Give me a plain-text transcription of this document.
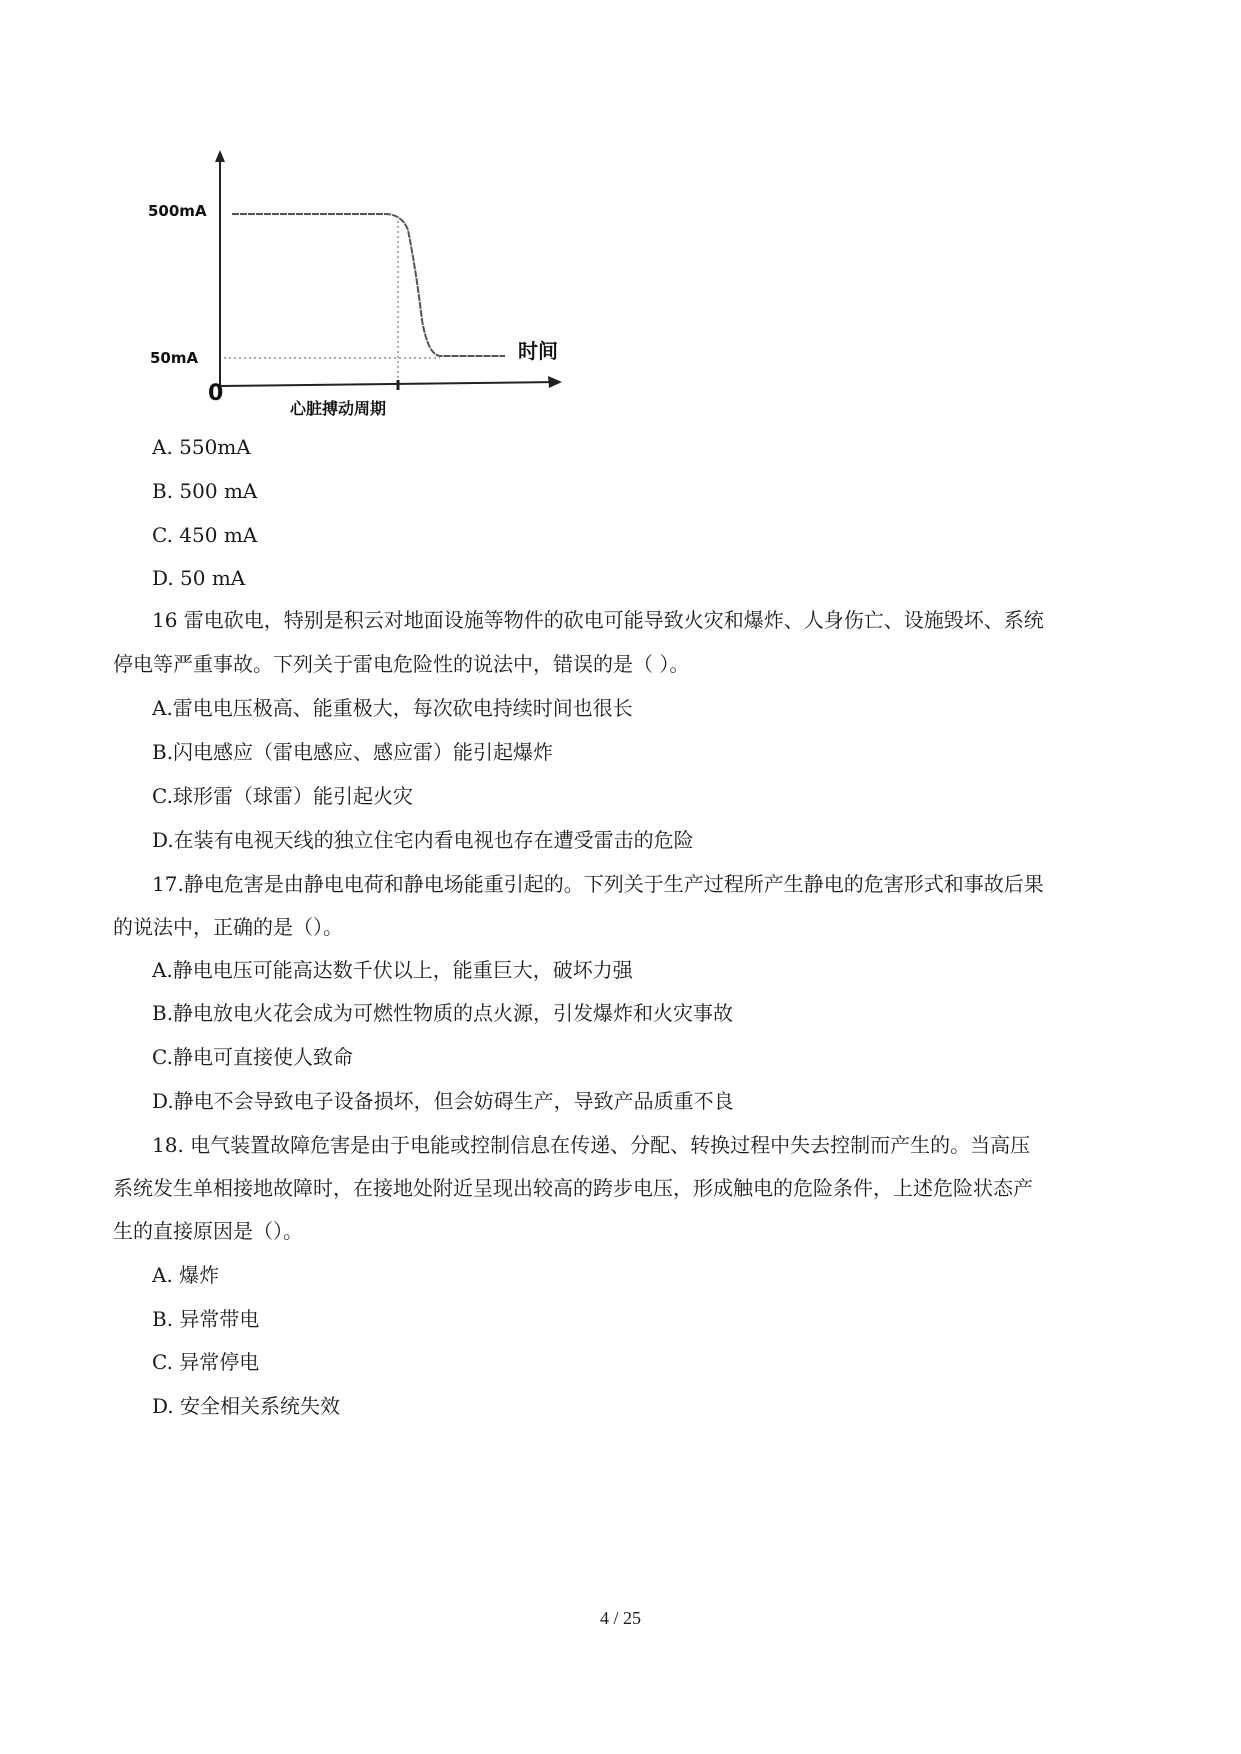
500mA
50mA
0
心脏搏动周期
时间
A. 550mA
B. 500 mA
C. 450 mA
D. 50 mA
16 雷电砍电，特别是积云对地面设施等物件的砍电可能导致火灾和爆炸、人身伤亡、设施毁坏、系统
停电等严重事故。下列关于雷电危险性的说法中，错误的是（ ）。
A.雷电电压极高、能重极大，每次砍电持续时间也很长
B.闪电感应（雷电感应、感应雷）能引起爆炸
C.球形雷（球雷）能引起火灾
D.在装有电视天线的独立住宅内看电视也存在遭受雷击的危险
17.静电危害是由静电电荷和静电场能重引起的。下列关于生产过程所产生静电的危害形式和事故后果
的说法中，正确的是（）。
A.静电电压可能高达数千伏以上，能重巨大，破坏力强
B.静电放电火花会成为可燃性物质的点火源，引发爆炸和火灾事故
C.静电可直接使人致命
D.静电不会导致电子设备损坏，但会妨碍生产，导致产品质重不良
18. 电气装置故障危害是由于电能或控制信息在传递、分配、转换过程中失去控制而产生的。当高压
系统发生单相接地故障时，在接地处附近呈现出较高的跨步电压，形成触电的危险条件，上述危险状态产
生的直接原因是（）。
A. 爆炸
B. 异常带电
C. 异常停电
D. 安全相关系统失效
4 / 25
